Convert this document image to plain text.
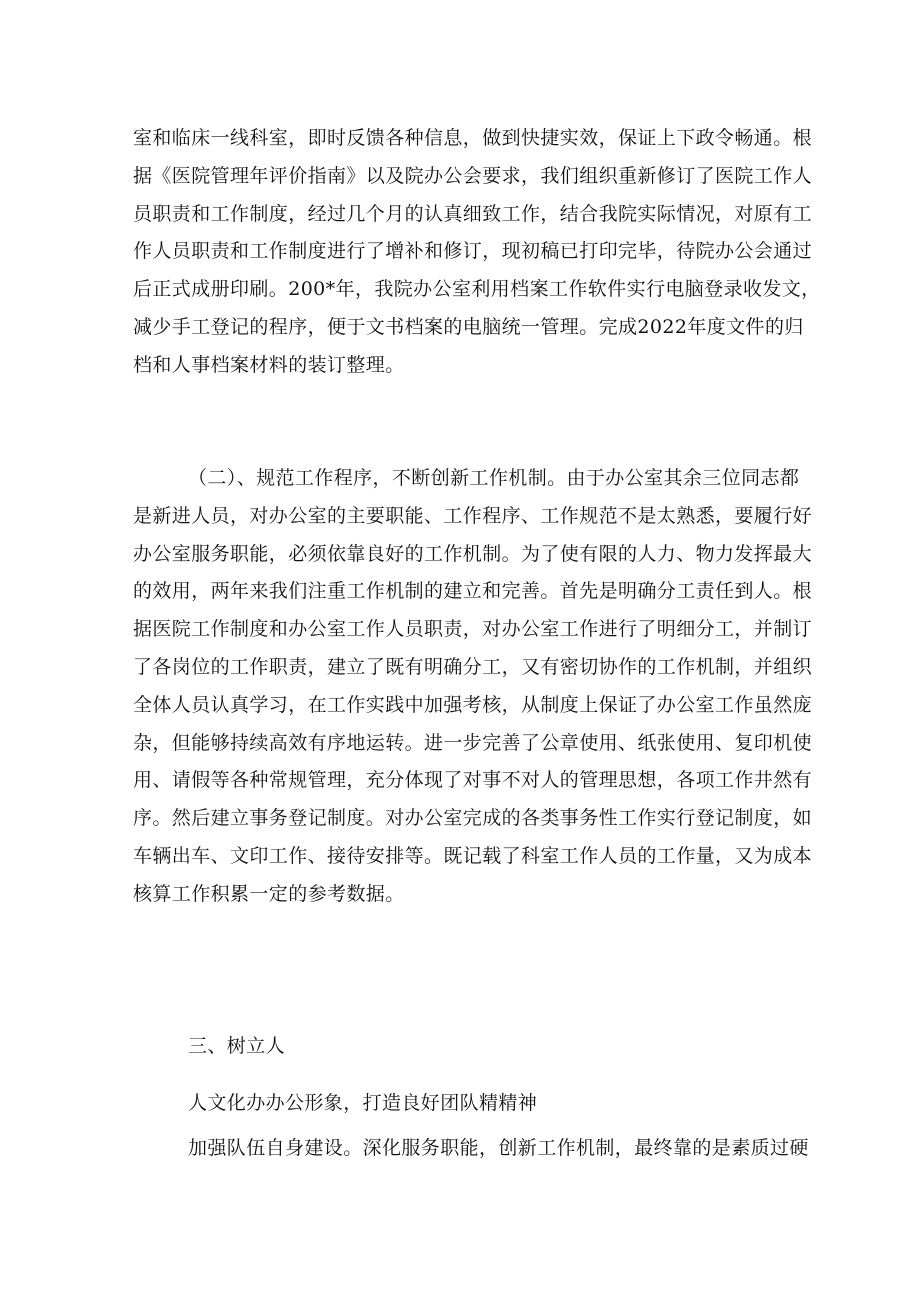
室和临床一线科室，即时反馈各种信息，做到快捷实效，保证上下政令畅通。根
据《医院管理年评价指南》以及院办公会要求，我们组织重新修订了医院工作人
员职责和工作制度，经过几个月的认真细致工作，结合我院实际情况，对原有工
作人员职责和工作制度进行了增补和修订，现初稿已打印完毕，待院办公会通过
后正式成册印刷。200*年，我院办公室利用档案工作软件实行电脑登录收发文，
减少手工登记的程序，便于文书档案的电脑统一管理。完成2022年度文件的归
档和人事档案材料的装订整理。
（二）、规范工作程序，不断创新工作机制。由于办公室其余三位同志都
是新进人员，对办公室的主要职能、工作程序、工作规范不是太熟悉，要履行好
办公室服务职能，必须依靠良好的工作机制。为了使有限的人力、物力发挥最大
的效用，两年来我们注重工作机制的建立和完善。首先是明确分工责任到人。根
据医院工作制度和办公室工作人员职责，对办公室工作进行了明细分工，并制订
了各岗位的工作职责，建立了既有明确分工，又有密切协作的工作机制，并组织
全体人员认真学习，在工作实践中加强考核，从制度上保证了办公室工作虽然庞
杂，但能够持续高效有序地运转。进一步完善了公章使用、纸张使用、复印机使
用、请假等各种常规管理，充分体现了对事不对人的管理思想，各项工作井然有
序。然后建立事务登记制度。对办公室完成的各类事务性工作实行登记制度，如
车辆出车、文印工作、接待安排等。既记载了科室工作人员的工作量，又为成本
核算工作积累一定的参考数据。
三、树立人
人文化办办公形象，打造良好团队精精神
加强队伍自身建设。深化服务职能，创新工作机制，最终靠的是素质过硬
